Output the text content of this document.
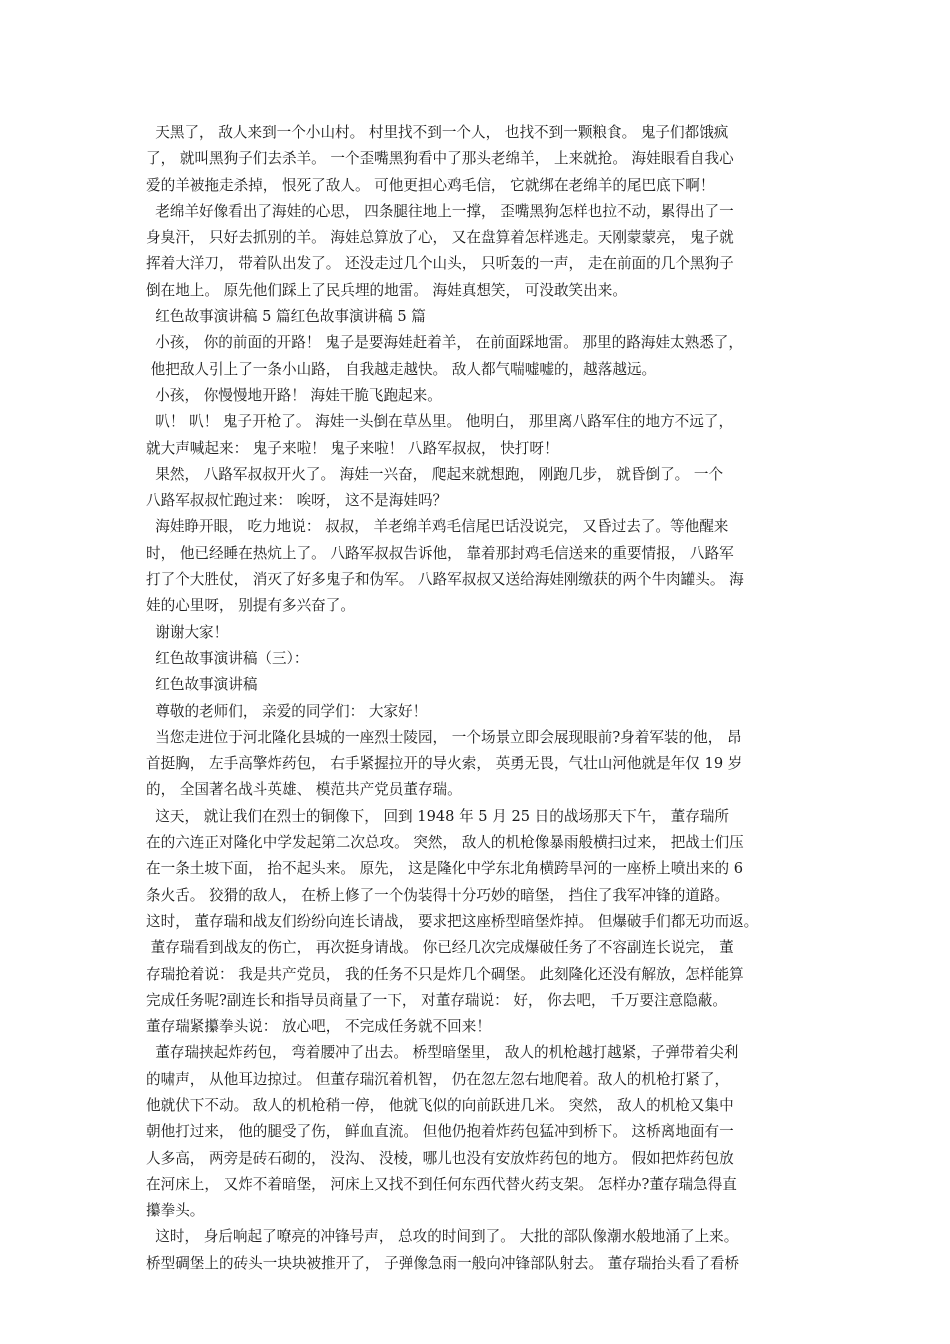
天黑了， 敌人来到一个小山村。 村里找不到一个人， 也找不到一颗粮食。 鬼子们都饿疯
了， 就叫黑狗子们去杀羊。 一个歪嘴黑狗看中了那头老绵羊， 上来就抢。 海娃眼看自我心
爱的羊被拖走杀掉， 恨死了敌人。 可他更担心鸡毛信， 它就绑在老绵羊的尾巴底下啊！
老绵羊好像看出了海娃的心思， 四条腿往地上一撑， 歪嘴黑狗怎样也拉不动，累得出了一
身臭汗， 只好去抓别的羊。 海娃总算放了心， 又在盘算着怎样逃走。天刚蒙蒙亮， 鬼子就
挥着大洋刀， 带着队出发了。 还没走过几个山头， 只听轰的一声， 走在前面的几个黑狗子
倒在地上。 原先他们踩上了民兵埋的地雷。 海娃真想笑， 可没敢笑出来。
红色故事演讲稿 5 篇红色故事演讲稿 5 篇
小孩， 你的前面的开路！ 鬼子是要海娃赶着羊， 在前面踩地雷。 那里的路海娃太熟悉了，
他把敌人引上了一条小山路， 自我越走越快。 敌人都气喘嘘嘘的，越落越远。
小孩， 你慢慢地开路！ 海娃干脆飞跑起来。
叭！ 叭！ 鬼子开枪了。 海娃一头倒在草丛里。 他明白， 那里离八路军住的地方不远了，
就大声喊起来： 鬼子来啦！ 鬼子来啦！ 八路军叔叔， 快打呀！
果然， 八路军叔叔开火了。 海娃一兴奋， 爬起来就想跑， 刚跑几步， 就昏倒了。 一个
八路军叔叔忙跑过来： 唉呀， 这不是海娃吗？
海娃睁开眼， 吃力地说： 叔叔， 羊老绵羊鸡毛信尾巴话没说完， 又昏过去了。等他醒来
时， 他已经睡在热炕上了。 八路军叔叔告诉他， 靠着那封鸡毛信送来的重要情报， 八路军
打了个大胜仗， 消灭了好多鬼子和伪军。 八路军叔叔又送给海娃刚缴获的两个牛肉罐头。 海
娃的心里呀， 别提有多兴奋了。
谢谢大家！
红色故事演讲稿（三）：
红色故事演讲稿
尊敬的老师们， 亲爱的同学们： 大家好！
当您走进位于河北隆化县城的一座烈士陵园， 一个场景立即会展现眼前?身着军装的他， 昂
首挺胸， 左手高擎炸药包， 右手紧握拉开的导火索， 英勇无畏，气壮山河他就是年仅 19 岁
的， 全国著名战斗英雄、 模范共产党员董存瑞。
这天， 就让我们在烈士的铜像下， 回到 1948 年 5 月 25 日的战场那天下午， 董存瑞所
在的六连正对隆化中学发起第二次总攻。 突然， 敌人的机枪像暴雨般横扫过来， 把战士们压
在一条土坡下面， 抬不起头来。 原先， 这是隆化中学东北角横跨旱河的一座桥上喷出来的 6
条火舌。 狡猾的敌人， 在桥上修了一个伪装得十分巧妙的暗堡， 挡住了我军冲锋的道路。
这时， 董存瑞和战友们纷纷向连长请战， 要求把这座桥型暗堡炸掉。 但爆破手们都无功而返。
董存瑞看到战友的伤亡， 再次挺身请战。 你已经几次完成爆破任务了不容副连长说完， 董
存瑞抢着说： 我是共产党员， 我的任务不只是炸几个碉堡。 此刻隆化还没有解放，怎样能算
完成任务呢?副连长和指导员商量了一下， 对董存瑞说： 好， 你去吧， 千万要注意隐蔽。
董存瑞紧攥拳头说： 放心吧， 不完成任务就不回来！
董存瑞挟起炸药包， 弯着腰冲了出去。 桥型暗堡里， 敌人的机枪越打越紧，子弹带着尖利
的啸声， 从他耳边掠过。 但董存瑞沉着机智， 仍在忽左忽右地爬着。敌人的机枪打紧了，
他就伏下不动。 敌人的机枪稍一停， 他就飞似的向前跃进几米。 突然， 敌人的机枪又集中
朝他打过来， 他的腿受了伤， 鲜血直流。 但他仍抱着炸药包猛冲到桥下。 这桥离地面有一
人多高， 两旁是砖石砌的， 没沟、 没棱，哪儿也没有安放炸药包的地方。 假如把炸药包放
在河床上， 又炸不着暗堡， 河床上又找不到任何东西代替火药支架。 怎样办?董存瑞急得直
攥拳头。
这时， 身后响起了嘹亮的冲锋号声， 总攻的时间到了。 大批的部队像潮水般地涌了上来。
桥型碉堡上的砖头一块块被推开了， 子弹像急雨一般向冲锋部队射去。 董存瑞抬头看了看桥
